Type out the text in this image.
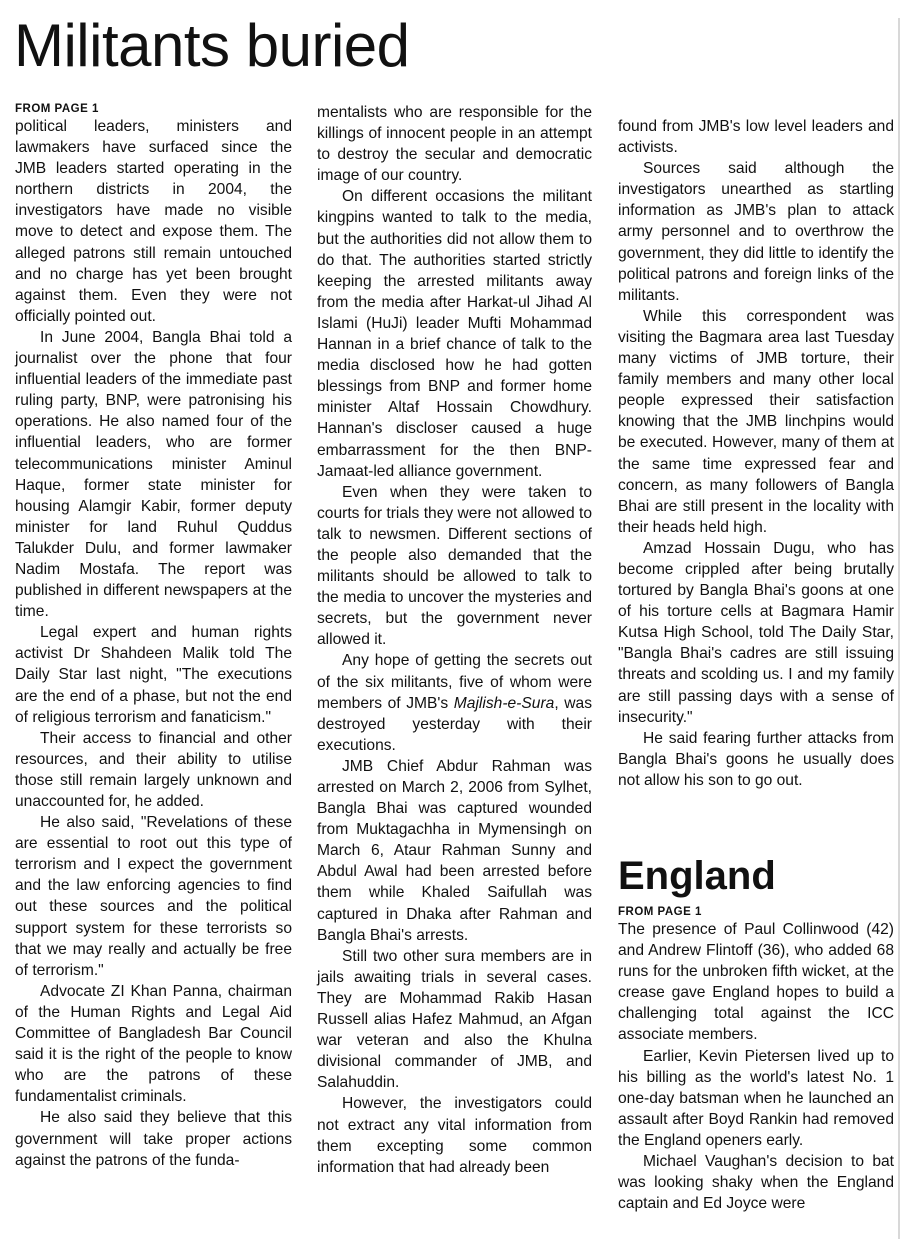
Militants buried
FROM PAGE 1

political leaders, ministers and lawmakers have surfaced since the JMB leaders started operating in the northern districts in 2004, the investigators have made no visible move to detect and expose them. The alleged patrons still remain untouched and no charge has yet been brought against them. Even they were not officially pointed out.

In June 2004, Bangla Bhai told a journalist over the phone that four influential leaders of the immediate past ruling party, BNP, were patronising his operations. He also named four of the influential leaders, who are former telecommunications minister Aminul Haque, former state minister for housing Alamgir Kabir, former deputy minister for land Ruhul Quddus Talukder Dulu, and former lawmaker Nadim Mostafa. The report was published in different newspapers at the time.

Legal expert and human rights activist Dr Shahdeen Malik told The Daily Star last night, "The executions are the end of a phase, but not the end of religious terrorism and fanaticism."

Their access to financial and other resources, and their ability to utilise those still remain largely unknown and unaccounted for, he added.

He also said, "Revelations of these are essential to root out this type of terrorism and I expect the government and the law enforcing agencies to find out these sources and the political support system for these terrorists so that we may really and actually be free of terrorism."

Advocate ZI Khan Panna, chairman of the Human Rights and Legal Aid Committee of Bangladesh Bar Council said it is the right of the people to know who are the patrons of these fundamentalist criminals.

He also said they believe that this government will take proper actions against the patrons of the funda-

mentalists who are responsible for the killings of innocent people in an attempt to destroy the secular and democratic image of our country.

On different occasions the militant kingpins wanted to talk to the media, but the authorities did not allow them to do that. The authorities started strictly keeping the arrested militants away from the media after Harkat-ul Jihad Al Islami (HuJi) leader Mufti Mohammad Hannan in a brief chance of talk to the media disclosed how he had gotten blessings from BNP and former home minister Altaf Hossain Chowdhury. Hannan's discloser caused a huge embarrassment for the then BNP-Jamaat-led alliance government.

Even when they were taken to courts for trials they were not allowed to talk to newsmen. Different sections of the people also demanded that the militants should be allowed to talk to the media to uncover the mysteries and secrets, but the government never allowed it.

Any hope of getting the secrets out of the six militants, five of whom were members of JMB's Majlish-e-Sura, was destroyed yesterday with their executions.

JMB Chief Abdur Rahman was arrested on March 2, 2006 from Sylhet, Bangla Bhai was captured wounded from Muktagachha in Mymensingh on March 6, Ataur Rahman Sunny and Abdul Awal had been arrested before them while Khaled Saifullah was captured in Dhaka after Rahman and Bangla Bhai's arrests.

Still two other sura members are in jails awaiting trials in several cases. They are Mohammad Rakib Hasan Russell alias Hafez Mahmud, an Afgan war veteran and also the Khulna divisional commander of JMB, and Salahuddin.

However, the investigators could not extract any vital information from them excepting some common information that had already been

found from JMB's low level leaders and activists.

Sources said although the investigators unearthed as startling information as JMB's plan to attack army personnel and to overthrow the government, they did little to identify the political patrons and foreign links of the militants.

While this correspondent was visiting the Bagmara area last Tuesday many victims of JMB torture, their family members and many other local people expressed their satisfaction knowing that the JMB linchpins would be executed. However, many of them at the same time expressed fear and concern, as many followers of Bangla Bhai are still present in the locality with their heads held high.

Amzad Hossain Dugu, who has become crippled after being brutally tortured by Bangla Bhai's goons at one of his torture cells at Bagmara Hamir Kutsa High School, told The Daily Star, "Bangla Bhai's cadres are still issuing threats and scolding us. I and my family are still passing days with a sense of insecurity."

He said fearing further attacks from Bangla Bhai's goons he usually does not allow his son to go out.

England
FROM PAGE 1

The presence of Paul Collinwood (42) and Andrew Flintoff (36), who added 68 runs for the unbroken fifth wicket, at the crease gave England hopes to build a challenging total against the ICC associate members.

Earlier, Kevin Pietersen lived up to his billing as the world's latest No. 1 one-day batsman when he launched an assault after Boyd Rankin had removed the England openers early.

Michael Vaughan's decision to bat was looking shaky when the England captain and Ed Joyce were
